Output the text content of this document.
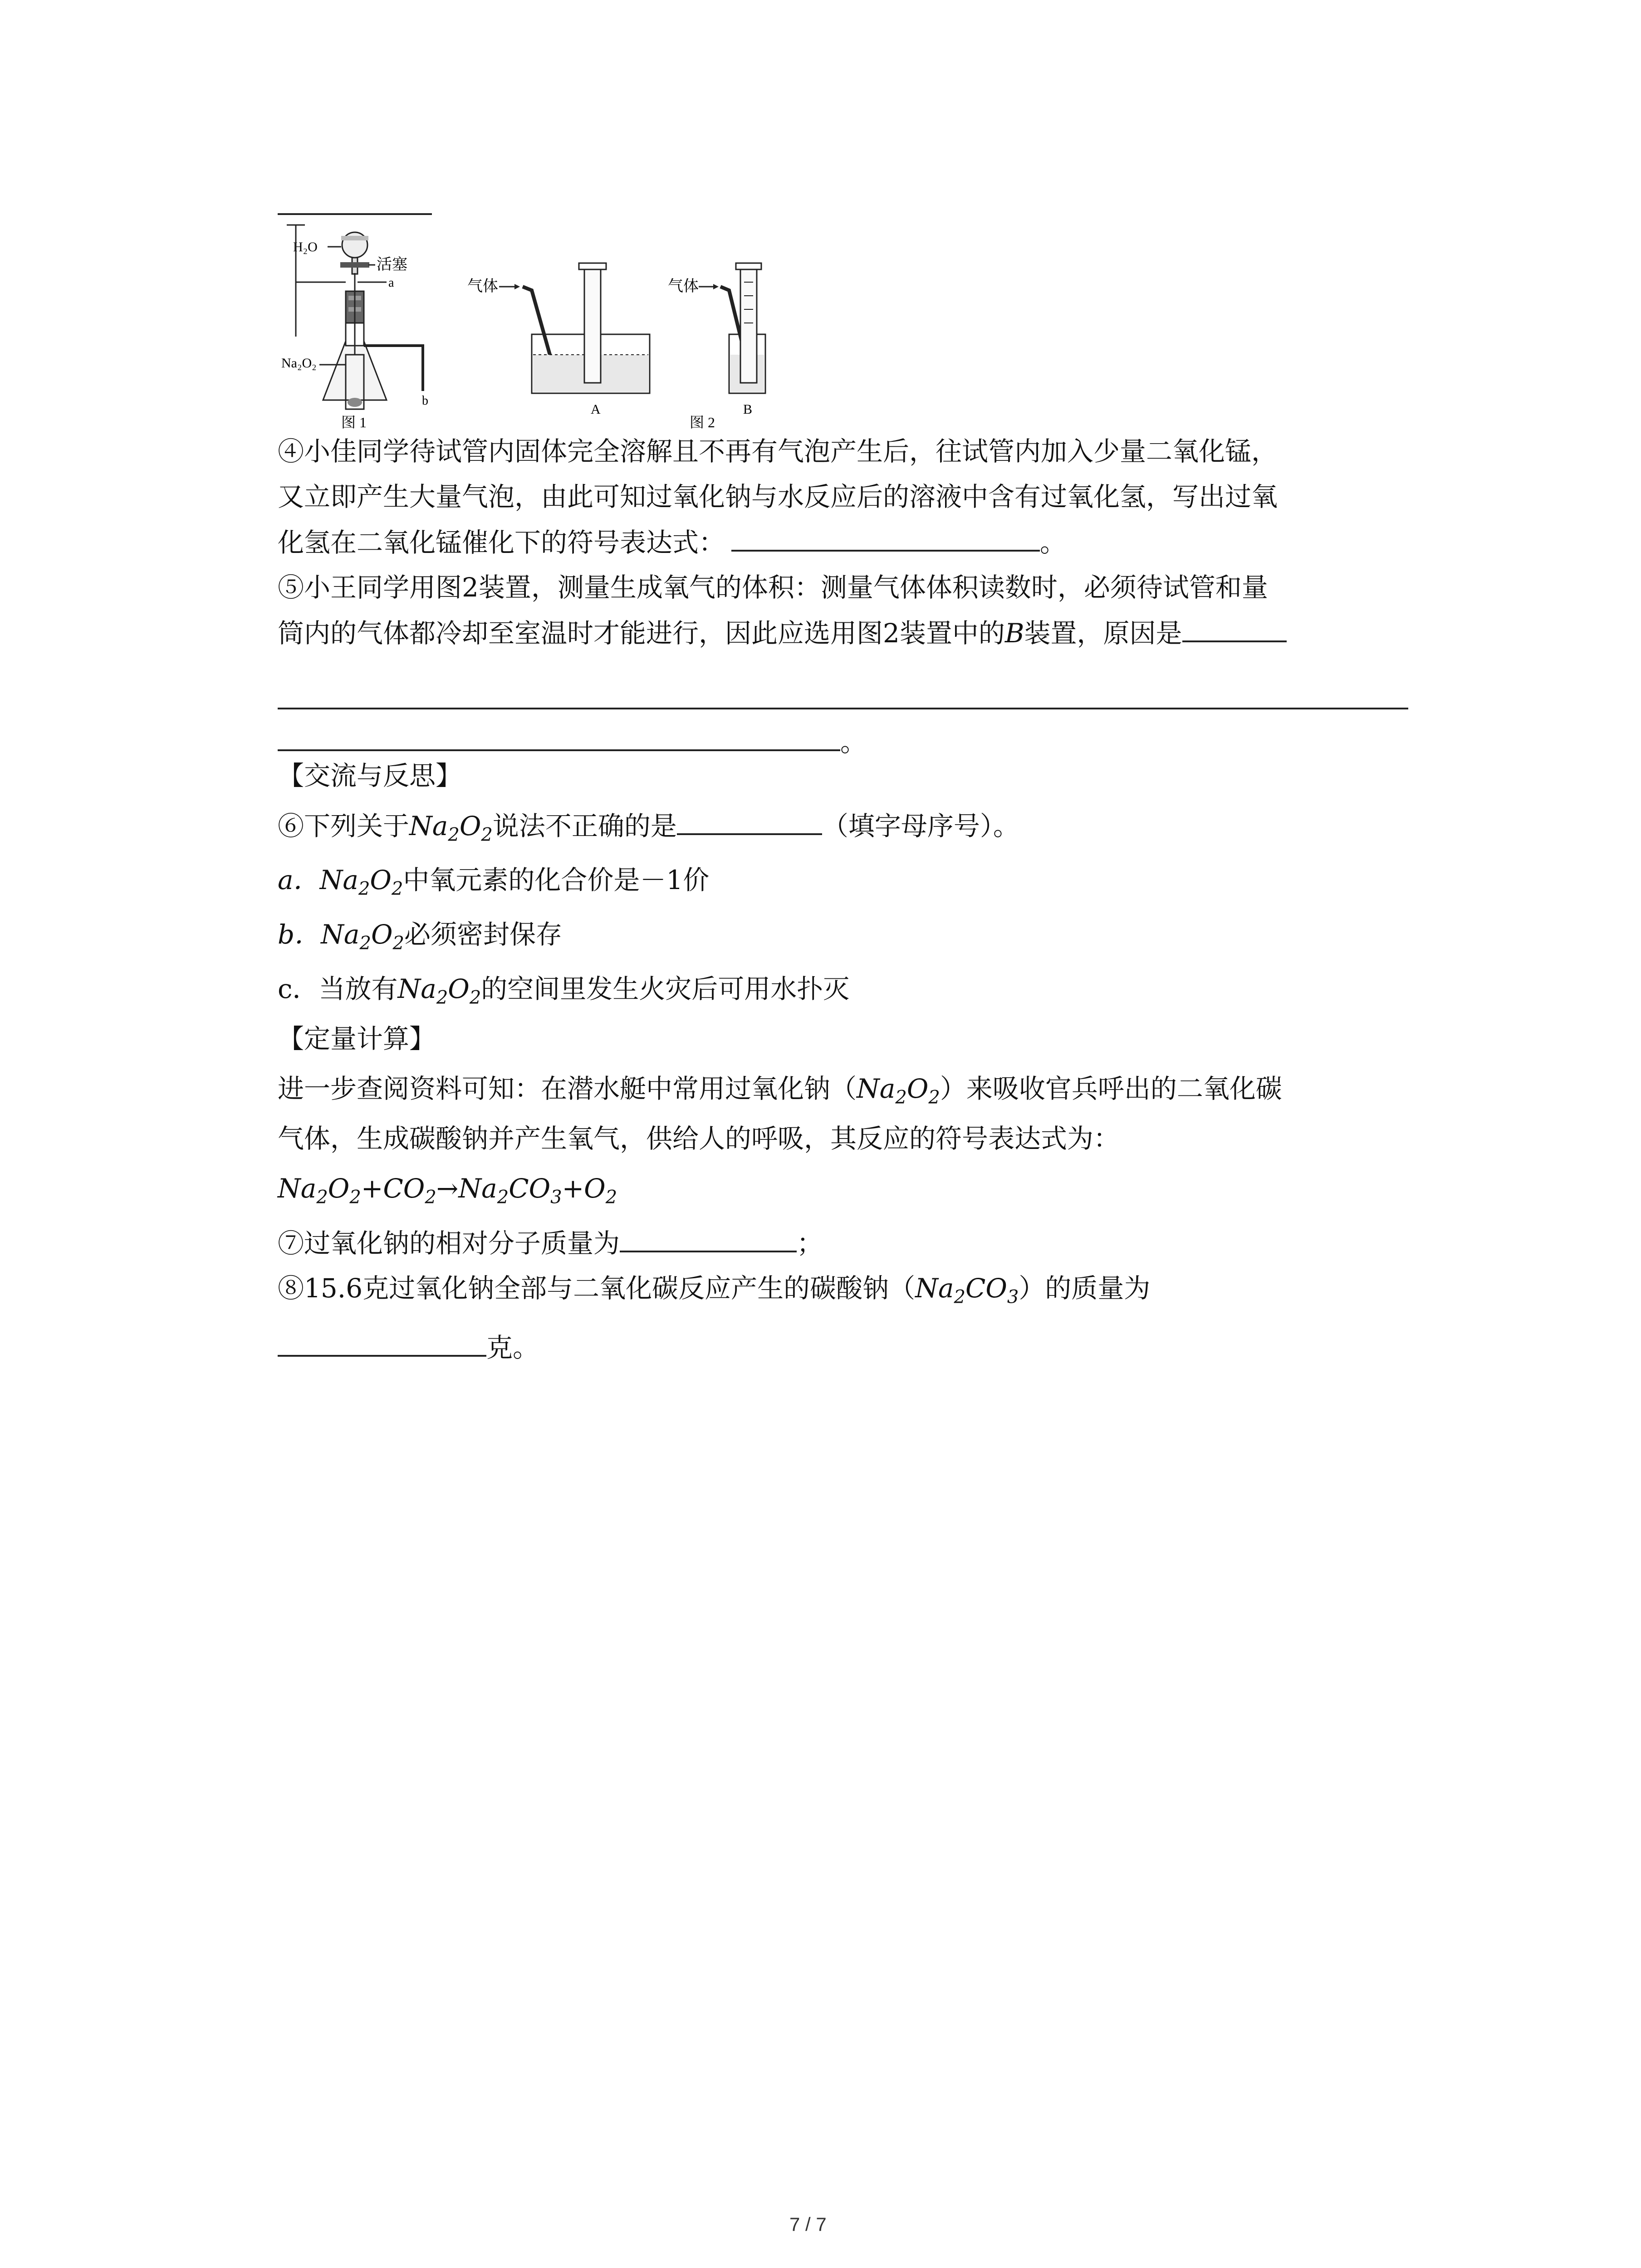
H₂O
活塞
a
b
Na₂O₂
图 1
气体
A
气体
B
图 2
④小佳同学待试管内固体完全溶解且不再有气泡产生后，往试管内加入少量二氧化锰，
又立即产生大量气泡，由此可知过氧化钠与水反应后的溶液中含有过氧化氢，写出过氧
化氢在二氧化锰催化下的符号表达式：	。
⑤小王同学用图2装置，测量生成氧气的体积：测量气体体积读数时，必须待试管和量
筒内的气体都冷却至室温时才能进行，因此应选用图2装置中的B装置，原因是
。
【交流与反思】
⑥下列关于$Na_2O_2$说法不正确的是	（填字母序号）。
a．$Na_2O_2$中氧元素的化合价是－1价
b．$Na_2O_2$必须密封保存
c．当放有$Na_2O_2$的空间里发生火灾后可用水扑灭
【定量计算】
进一步查阅资料可知：在潜水艇中常用过氧化钠$(Na_2O_2)$来吸收官兵呼出的二氧化碳
气体，生成碳酸钠并产生氧气，供给人的呼吸，其反应的符号表达式为：
$Na_2O_2+CO_2\to Na_2CO_3+O_2$
⑦过氧化钠的相对分子质量为	；
⑧15.6克过氧化钠全部与二氧化碳反应产生的碳酸钠$(Na_2CO_3)$的质量为
克。
7 / 7
